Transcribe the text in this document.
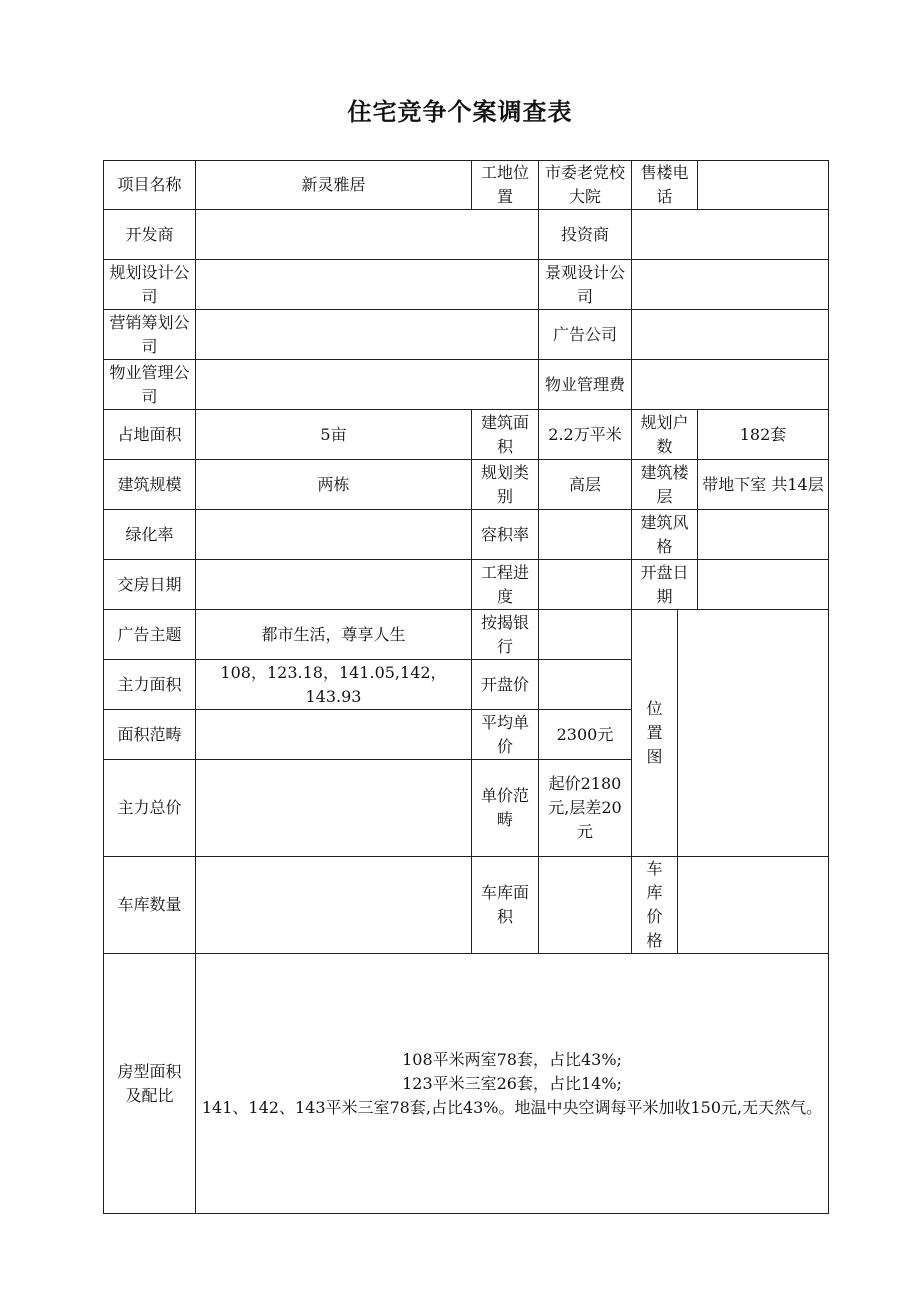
住宅竞争个案调查表
项目名称	新灵雅居	工地位置	市委老党校大院	售楼电话		
开发商			投资商			
规划设计公司			景观设计公司			
营销筹划公司			广告公司			
物业管理公司			物业管理费			
占地面积	5亩	建筑面积	2.2万平米	规划户数		182套
建筑规模	两栋	规划类别	高层	建筑楼层		带地下室 共14层
绿化率		容积率		建筑风格		
交房日期		工程进度		开盘日期		
广告主题	都市生活，尊享人生	按揭银行		位置图		

主力面积	108，123.18，141.05,142，143.93	开盘价				
面积范畴		平均单价	2300元			
主力总价		单价范畴	起价2180元,层差20元			
车库数量		车库面积		车库价格		

房型面积及配比	108平米两室78套，占比43%;
123平米三室26套，占比14%;
141、142、143平米三室78套,占比43%。地温中央空调每平米加收150元,无天然气。					
